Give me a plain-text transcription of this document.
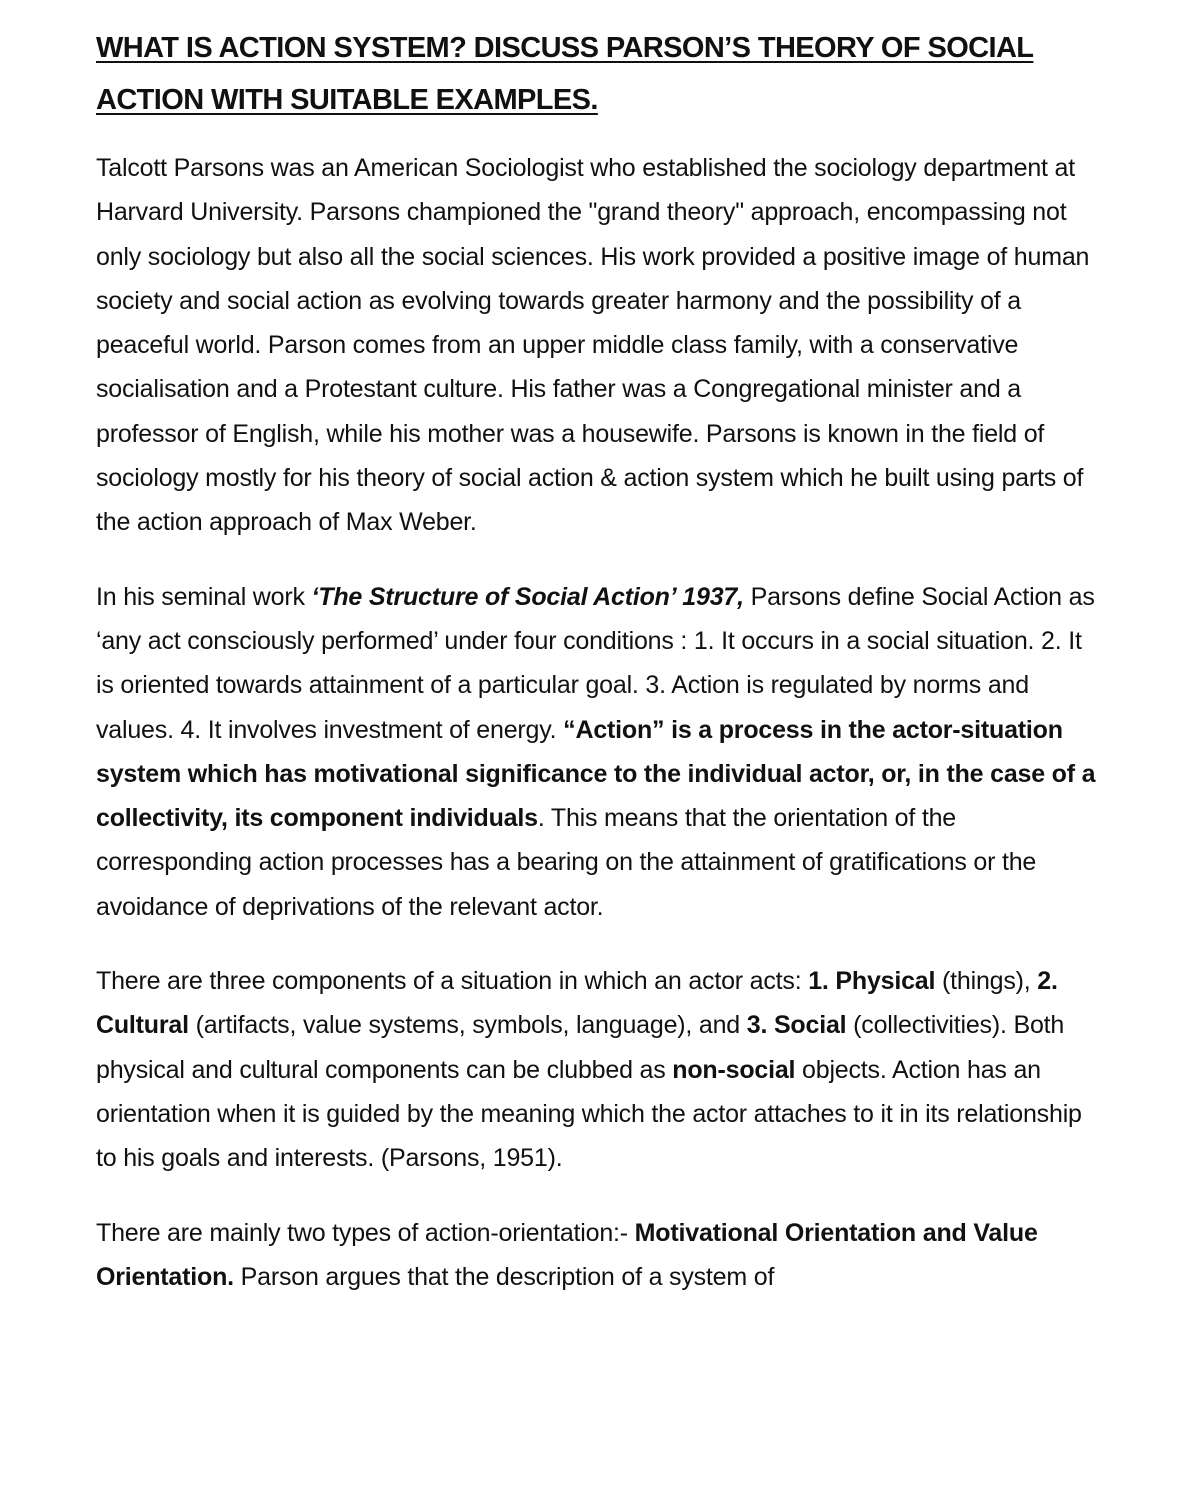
WHAT IS ACTION SYSTEM? DISCUSS PARSON’S THEORY OF SOCIAL ACTION WITH SUITABLE EXAMPLES.

Talcott Parsons was an American Sociologist who established the sociology department at Harvard University. Parsons championed the "grand theory" approach, encompassing not only sociology but also all the social sciences. His work provided a positive image of human society and social action as evolving towards greater harmony and the possibility of a peaceful world. Parson comes from an upper middle class family, with a conservative socialisation and a Protestant culture. His father was a Congregational minister and a professor of English, while his mother was a housewife. Parsons is known in the field of sociology mostly for his theory of social action & action system which he built using parts of the action approach of Max Weber.

In his seminal work ‘The Structure of Social Action’ 1937, Parsons define Social Action as ‘any act consciously performed’ under four conditions : 1. It occurs in a social situation. 2. It is oriented towards attainment of a particular goal. 3. Action is regulated by norms and values. 4. It involves investment of energy. “Action” is a process in the actor-situation system which has motivational significance to the individual actor, or, in the case of a collectivity, its component individuals. This means that the orientation of the corresponding action processes has a bearing on the attainment of gratifications or the avoidance of deprivations of the relevant actor.

There are three components of a situation in which an actor acts: 1. Physical (things), 2. Cultural (artifacts, value systems, symbols, language), and 3. Social (collectivities). Both physical and cultural components can be clubbed as non-social objects. Action has an orientation when it is guided by the meaning which the actor attaches to it in its relationship to his goals and interests. (Parsons, 1951).

There are mainly two types of action-orientation:- Motivational Orientation and Value Orientation. Parson argues that the description of a system of
